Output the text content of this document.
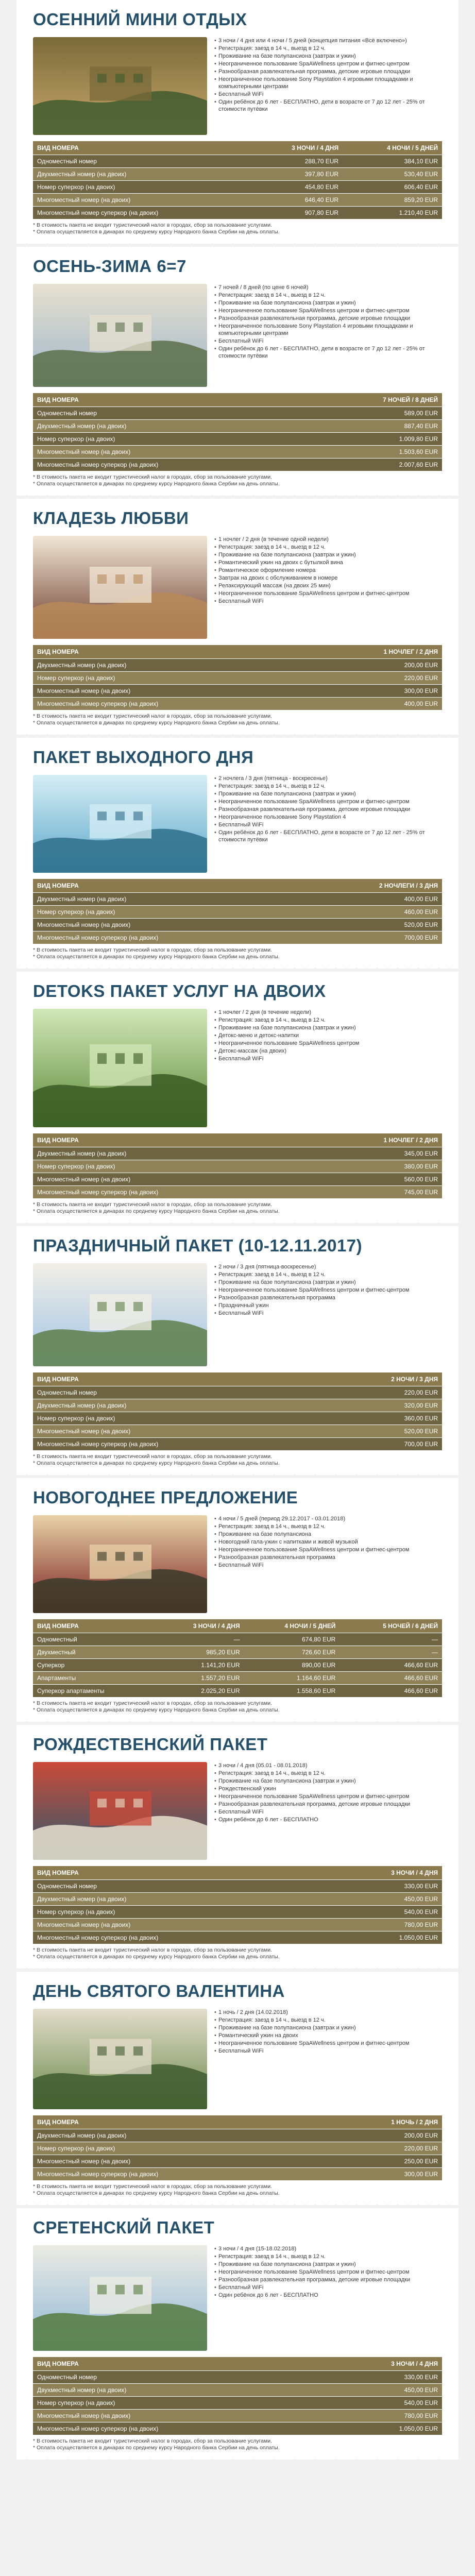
ОСЕННИЙ МИНИ ОТДЫХ
• 3 ночи / 4 дня или 4 ночи / 5 дней (концепция питания «Всё включено»)
• Регистрация: заезд в 14 ч., выезд в 12 ч.
• Проживание на базе полупансиона (завтрак и ужин)
• Неограниченное пользование SpaAWellness центром и фитнес-центром
• Разнообразная развлекательная программа, детские игровые площадки
• Неограниченное пользование Sony Playstation 4 игровыми площадками и компьютерными центрами
• Бесплатный WiFi
• Один ребёнок до 6 лет - БЕСПЛАТНО, дети в возрасте от 7 до 12 лет - 25% от стоимости путёвки
ВИД НОМЕРА	3 НОЧИ / 4 ДНЯ	4 НОЧИ / 5 ДНЕЙ
Одноместный номер	288,70 EUR	384,10 EUR
Двухместный номер (на двоих)	397,80 EUR	530,40 EUR
Номер суперкор (на двоих)	454,80 EUR	606,40 EUR
Многоместный номер (на двоих)	646,40 EUR	859,20 EUR
Многоместный номер суперкор (на двоих)	907,80 EUR	1.210,40 EUR
* В стоимость пакета не входит туристический налог в городах, сбор за пользование услугами.
* Оплата осуществляется в динарах по среднему курсу Народного банка Сербии на день оплаты.
ОСЕНЬ-ЗИМА 6=7
• 7 ночей / 8 дней (по цене 6 ночей)
• Регистрация: заезд в 14 ч., выезд в 12 ч.
• Проживание на базе полупансиона (завтрак и ужин)
• Неограниченное пользование SpaAWellness центром и фитнес-центром
• Разнообразная развлекательная программа, детские игровые площадки
• Неограниченное пользование Sony Playstation 4 игровыми площадками и компьютерными центрами
• Бесплатный WiFi
• Один ребёнок до 6 лет - БЕСПЛАТНО, дети в возрасте от 7 до 12 лет - 25% от стоимости путёвки
ВИД НОМЕРА	7 НОЧЕЙ / 8 ДНЕЙ
Одноместный номер	589,00 EUR
Двухместный номер (на двоих)	887,40 EUR
Номер суперкор (на двоих)	1.009,80 EUR
Многоместный номер (на двоих)	1.503,60 EUR
Многоместный номер суперкор (на двоих)	2.007,60 EUR
* В стоимость пакета не входит туристический налог в городах, сбор за пользование услугами.
* Оплата осуществляется в динарах по среднему курсу Народного банка Сербии на день оплаты.
КЛАДЕЗЬ ЛЮБВИ
• 1 ночлег / 2 дня (в течение одной недели)
• Регистрация: заезд в 14 ч., выезд в 12 ч.
• Проживание на базе полупансиона (завтрак и ужин)
• Романтический ужин на двоих с бутылкой вина
• Романтическое оформление номера
• Завтрак на двоих с обслуживанием в номере
• Релаксирующий массаж (на двоих 25 мин)
• Неограниченное пользование SpaAWellness центром и фитнес-центром
• Бесплатный WiFi
ВИД НОМЕРА	1 НОЧЛЕГ / 2 ДНЯ
Двухместный номер (на двоих)	200,00 EUR
Номер суперкор (на двоих)	220,00 EUR
Многоместный номер (на двоих)	300,00 EUR
Многоместный номер суперкор (на двоих)	400,00 EUR
* В стоимость пакета не входит туристический налог в городах, сбор за пользование услугами.
* Оплата осуществляется в динарах по среднему курсу Народного банка Сербии на день оплаты.
ПАКЕТ ВЫХОДНОГО ДНЯ
• 2 ночлега / 3 дня (пятница - воскресенье)
• Регистрация: заезд в 14 ч., выезд в 12 ч.
• Проживание на базе полупансиона (завтрак и ужин)
• Неограниченное пользование SpaAWellness центром и фитнес-центром
• Разнообразная развлекательная программа, детские игровые площадки
• Неограниченное пользование Sony Playstation 4
• Бесплатный WiFi
• Один ребёнок до 6 лет - БЕСПЛАТНО, дети в возрасте от 7 до 12 лет - 25% от стоимости путёвки
ВИД НОМЕРА	2 НОЧЛЕГИ / 3 ДНЯ
Двухместный номер (на двоих)	400,00 EUR
Номер суперкор (на двоих)	460,00 EUR
Многоместный номер (на двоих)	520,00 EUR
Многоместный номер суперкор (на двоих)	700,00 EUR
* В стоимость пакета не входит туристический налог в городах, сбор за пользование услугами.
* Оплата осуществляется в динарах по среднему курсу Народного банка Сербии на день оплаты.
DETOKS ПАКЕТ УСЛУГ НА ДВОИХ
• 1 ночлег / 2 дня (в течение недели)
• Регистрация: заезд в 14 ч., выезд в 12 ч.
• Проживание на базе полупансиона (завтрак и ужин)
• Детокс-меню и детокс-напитки
• Неограниченное пользование SpaAWellness центром
• Детокс-массаж (на двоих)
• Бесплатный WiFi
ВИД НОМЕРА	1 НОЧЛЕГ / 2 ДНЯ
Двухместный номер (на двоих)	345,00 EUR
Номер суперкор (на двоих)	380,00 EUR
Многоместный номер (на двоих)	560,00 EUR
Многоместный номер суперкор (на двоих)	745,00 EUR
* В стоимость пакета не входит туристический налог в городах, сбор за пользование услугами.
* Оплата осуществляется в динарах по среднему курсу Народного банка Сербии на день оплаты.
ПРАЗДНИЧНЫЙ ПАКЕТ (10-12.11.2017)
• 2 ночи / 3 дня (пятница-воскресенье)
• Регистрация: заезд в 14 ч., выезд в 12 ч.
• Проживание на базе полупансиона (завтрак и ужин)
• Неограниченное пользование SpaAWellness центром и фитнес-центром
• Разнообразная развлекательная программа
• Праздничный ужин
• Бесплатный WiFi
ВИД НОМЕРА	2 НОЧИ / 3 ДНЯ
Одноместный номер	220,00 EUR
Двухместный номер (на двоих)	320,00 EUR
Номер суперкор (на двоих)	360,00 EUR
Многоместный номер (на двоих)	520,00 EUR
Многоместный номер суперкор (на двоих)	700,00 EUR
* В стоимость пакета не входит туристический налог в городах, сбор за пользование услугами.
* Оплата осуществляется в динарах по среднему курсу Народного банка Сербии на день оплаты.
НОВОГОДНЕЕ ПРЕДЛОЖЕНИЕ
• 4 ночи / 5 дней (период 29.12.2017 - 03.01.2018)
• Регистрация: заезд в 14 ч., выезд в 12 ч.
• Проживание на базе полупансиона
• Новогодний гала-ужин с напитками и живой музыкой
• Неограниченное пользование SpaAWellness центром и фитнес-центром
• Разнообразная развлекательная программа
• Бесплатный WiFi
ВИД НОМЕРА	3 НОЧИ / 4 ДНЯ	4 НОЧИ / 5 ДНЕЙ	5 НОЧЕЙ / 6 ДНЕЙ
Одноместный	—	674,80 EUR	—
Двухместный	985,20 EUR	726,60 EUR	—
Суперкор	1.141,20 EUR	890,00 EUR	466,60 EUR
Апартаменты	1.557,20 EUR	1.164,60 EUR	466,60 EUR
Суперкор апартаменты	2.025,20 EUR	1.558,60 EUR	466,60 EUR
* В стоимость пакета не входит туристический налог в городах, сбор за пользование услугами.
* Оплата осуществляется в динарах по среднему курсу Народного банка Сербии на день оплаты.
РОЖДЕСТВЕНСКИЙ ПАКЕТ
• 3 ночи / 4 дня (05.01 - 08.01.2018)
• Регистрация: заезд в 14 ч., выезд в 12 ч.
• Проживание на базе полупансиона (завтрак и ужин)
• Рождественский ужин
• Неограниченное пользование SpaAWellness центром и фитнес-центром
• Разнообразная развлекательная программа, детские игровые площадки
• Бесплатный WiFi
• Один ребёнок до 6 лет - БЕСПЛАТНО
ВИД НОМЕРА	3 НОЧИ / 4 ДНЯ
Одноместный номер	330,00 EUR
Двухместный номер (на двоих)	450,00 EUR
Номер суперкор (на двоих)	540,00 EUR
Многоместный номер (на двоих)	780,00 EUR
Многоместный номер суперкор (на двоих)	1.050,00 EUR
* В стоимость пакета не входит туристический налог в городах, сбор за пользование услугами.
* Оплата осуществляется в динарах по среднему курсу Народного банка Сербии на день оплаты.
ДЕНЬ СВЯТОГО ВАЛЕНТИНА
• 1 ночь / 2 дня (14.02.2018)
• Регистрация: заезд в 14 ч., выезд в 12 ч.
• Проживание на базе полупансиона (завтрак и ужин)
• Романтический ужин на двоих
• Неограниченное пользование SpaAWellness центром и фитнес-центром
• Бесплатный WiFi
ВИД НОМЕРА	1 НОЧЬ / 2 ДНЯ
Двухместный номер (на двоих)	200,00 EUR
Номер суперкор (на двоих)	220,00 EUR
Многоместный номер (на двоих)	250,00 EUR
Многоместный номер суперкор (на двоих)	300,00 EUR
* В стоимость пакета не входит туристический налог в городах, сбор за пользование услугами.
* Оплата осуществляется в динарах по среднему курсу Народного банка Сербии на день оплаты.
СРЕТЕНСКИЙ ПАКЕТ
• 3 ночи / 4 дня (15-18.02.2018)
• Регистрация: заезд в 14 ч., выезд в 12 ч.
• Проживание на базе полупансиона (завтрак и ужин)
• Неограниченное пользование SpaAWellness центром и фитнес-центром
• Разнообразная развлекательная программа, детские игровые площадки
• Бесплатный WiFi
• Один ребёнок до 6 лет - БЕСПЛАТНО
ВИД НОМЕРА	3 НОЧИ / 4 ДНЯ
Одноместный номер	330,00 EUR
Двухместный номер (на двоих)	450,00 EUR
Номер суперкор (на двоих)	540,00 EUR
Многоместный номер (на двоих)	780,00 EUR
Многоместный номер суперкор (на двоих)	1.050,00 EUR
* В стоимость пакета не входит туристический налог в городах, сбор за пользование услугами.
* Оплата осуществляется в динарах по среднему курсу Народного банка Сербии на день оплаты.
